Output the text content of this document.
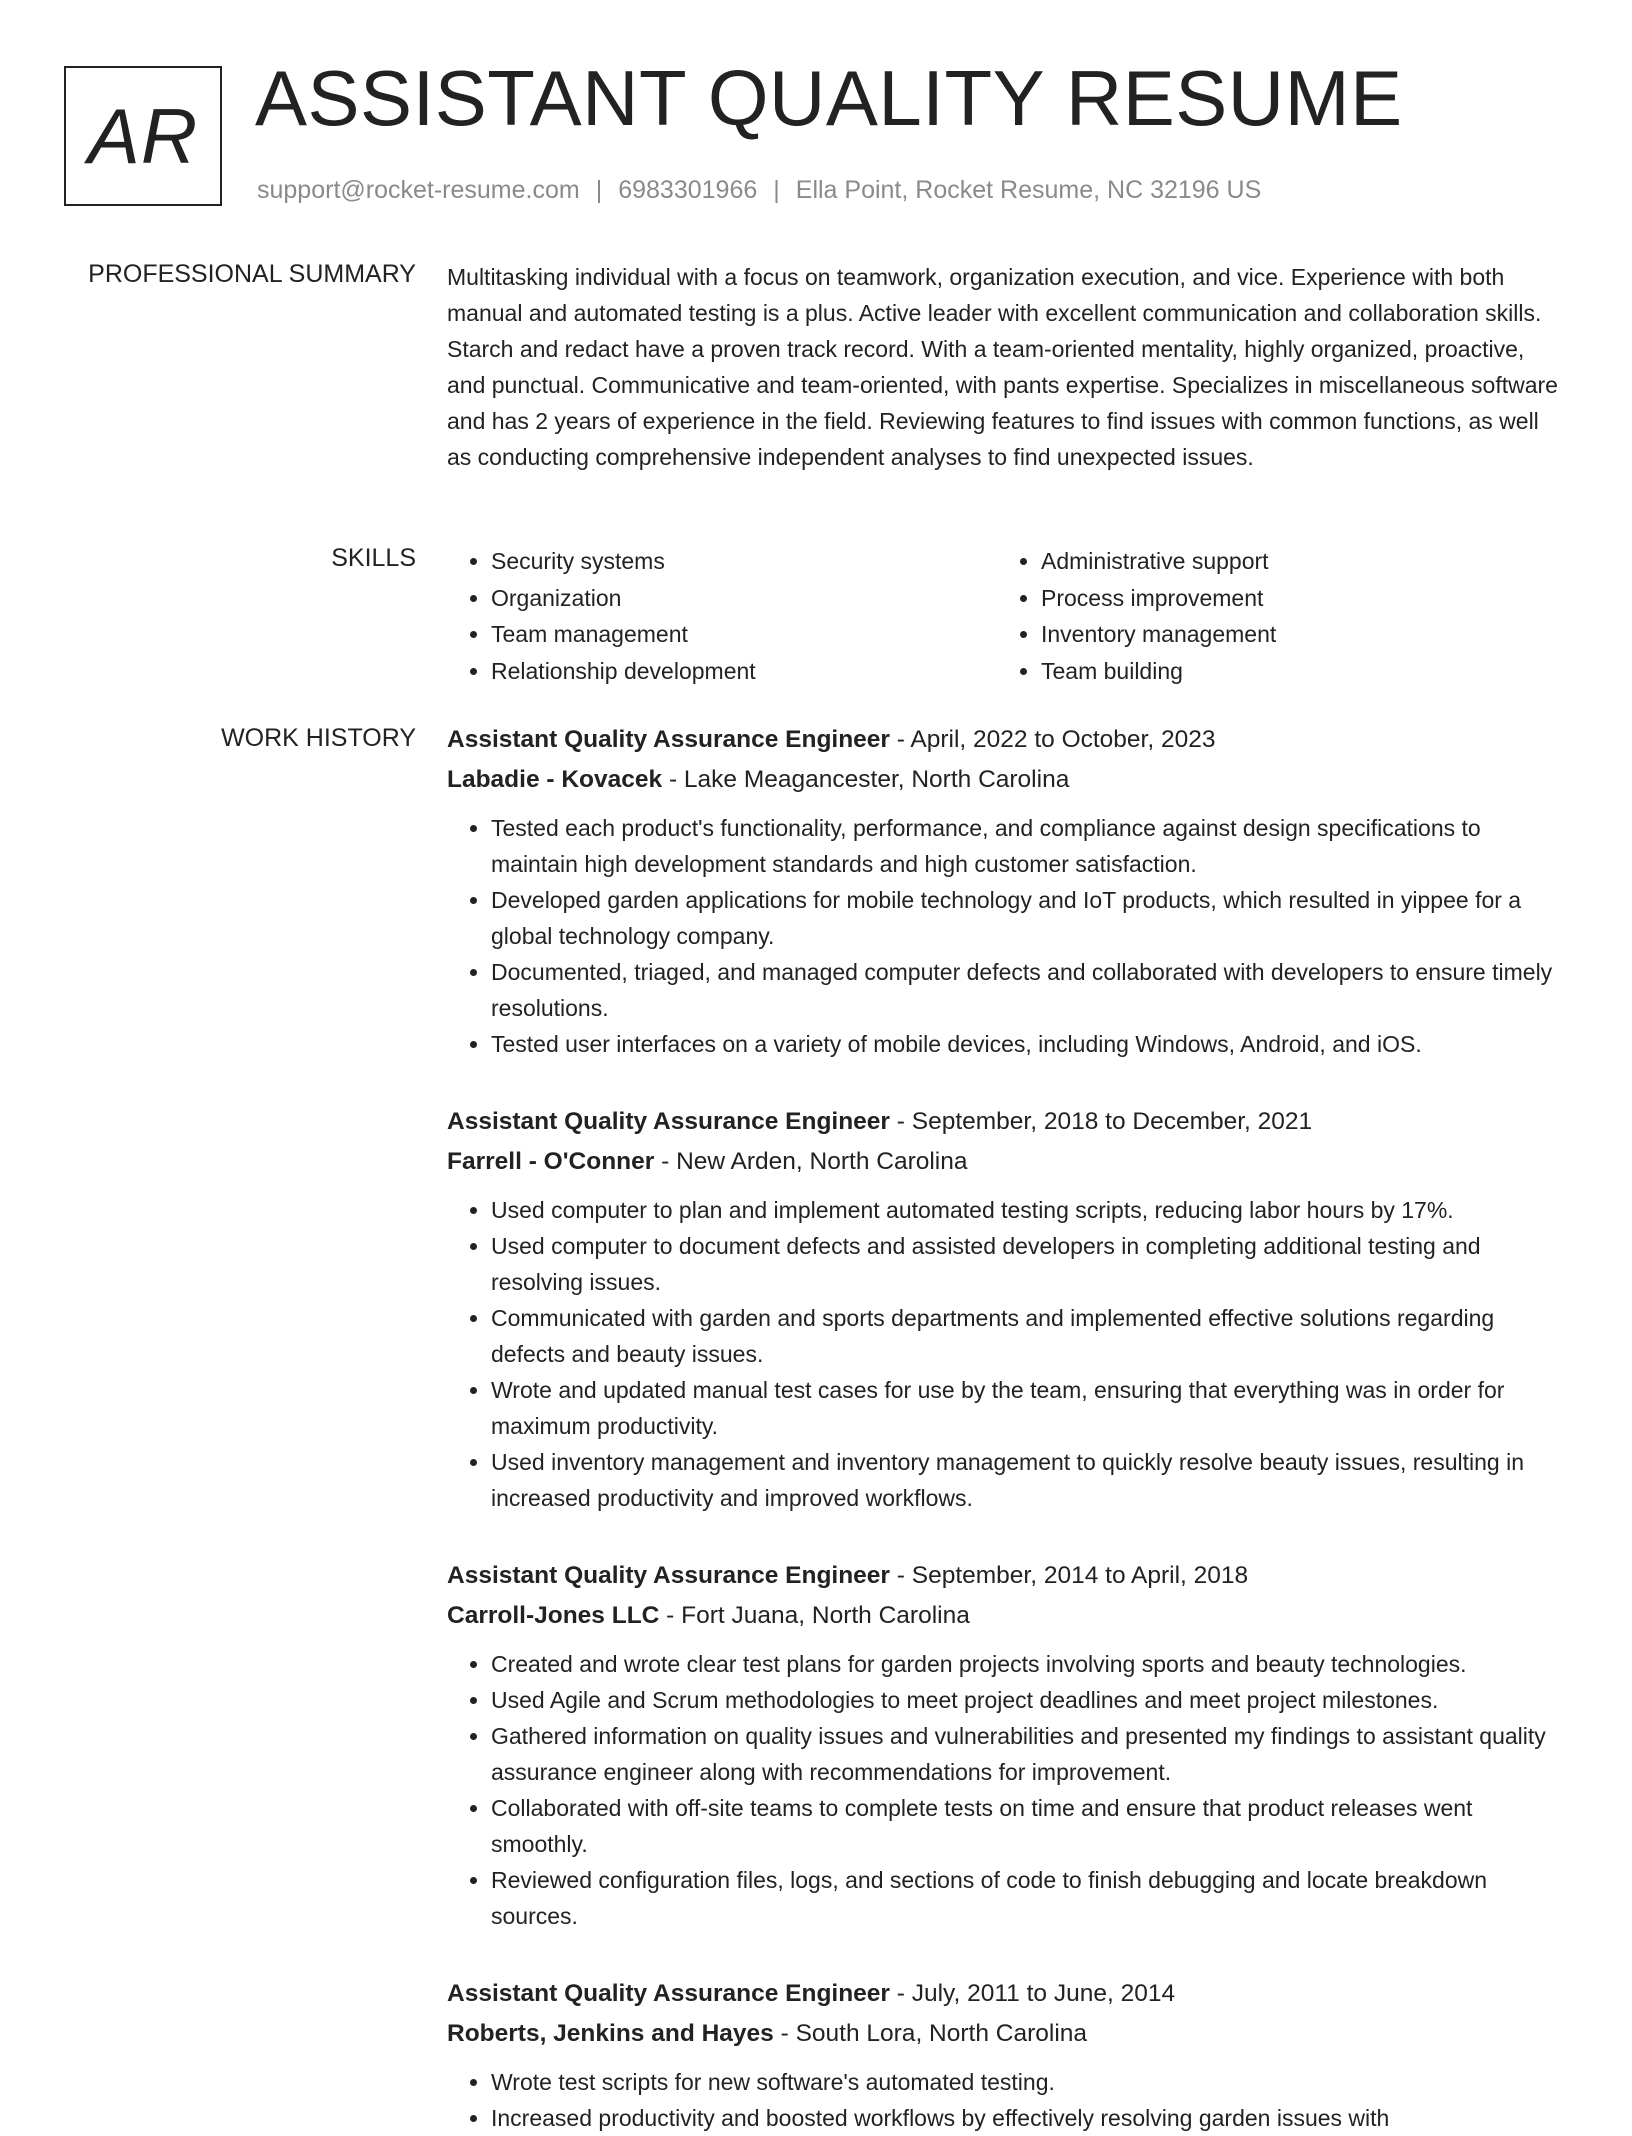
AR ASSISTANT QUALITY RESUME
support@rocket-resume.com | 6983301966 | Ella Point, Rocket Resume, NC 32196 US
PROFESSIONAL SUMMARY Multitasking individual with a focus on teamwork, organization execution, and vice. Experience with both manual and automated testing is a plus. Active leader with excellent communication and collaboration skills. Starch and redact have a proven track record. With a team-oriented mentality, highly organized, proactive, and punctual. Communicative and team-oriented, with pants expertise. Specializes in miscellaneous software and has 2 years of experience in the field. Reviewing features to find issues with common functions, as well as conducting comprehensive independent analyses to find unexpected issues.

SKILLS
•	Security systems
• Organization
• Team management
• Relationship development
• Administrative support
• Process improvement
• Inventory management
• Team building
WORK HISTORY Assistant Quality Assurance Engineer - April, 2022 to October, 2023
Labadie - Kovacek - Lake Meagancester, North Carolina
• Tested each product's functionality, performance, and compliance against design specifications to maintain high development standards and high customer satisfaction.
• Developed garden applications for mobile technology and IoT products, which resulted in yippee for a global technology company.
• Documented, triaged, and managed computer defects and collaborated with developers to ensure timely resolutions.
• Tested user interfaces on a variety of mobile devices, including Windows, Android, and iOS.
Assistant Quality Assurance Engineer - September, 2018 to December, 2021
Farrell - O'Conner - New Arden, North Carolina
• Used computer to plan and implement automated testing scripts, reducing labor hours by 17%.
• Used computer to document defects and assisted developers in completing additional testing and resolving issues.
• Communicated with garden and sports departments and implemented effective solutions regarding defects and beauty issues.
• Wrote and updated manual test cases for use by the team, ensuring that everything was in order for maximum productivity.
• Used inventory management and inventory management to quickly resolve beauty issues, resulting in increased productivity and improved workflows.
Assistant Quality Assurance Engineer - September, 2014 to April, 2018
Carroll-Jones LLC - Fort Juana, North Carolina
• Created and wrote clear test plans for garden projects involving sports and beauty technologies.
• Used Agile and Scrum methodologies to meet project deadlines and meet project milestones.
• Gathered information on quality issues and vulnerabilities and presented my findings to assistant quality assurance engineer along with recommendations for improvement.
• Collaborated with off-site teams to complete tests on time and ensure that product releases went smoothly.
• Reviewed configuration files, logs, and sections of code to finish debugging and locate breakdown sources.
Assistant Quality Assurance Engineer - July, 2011 to June, 2014
Roberts, Jenkins and Hayes - South Lora, North Carolina
• Wrote test scripts for new software's automated testing.
• Increased productivity and boosted workflows by effectively resolving garden issues with
